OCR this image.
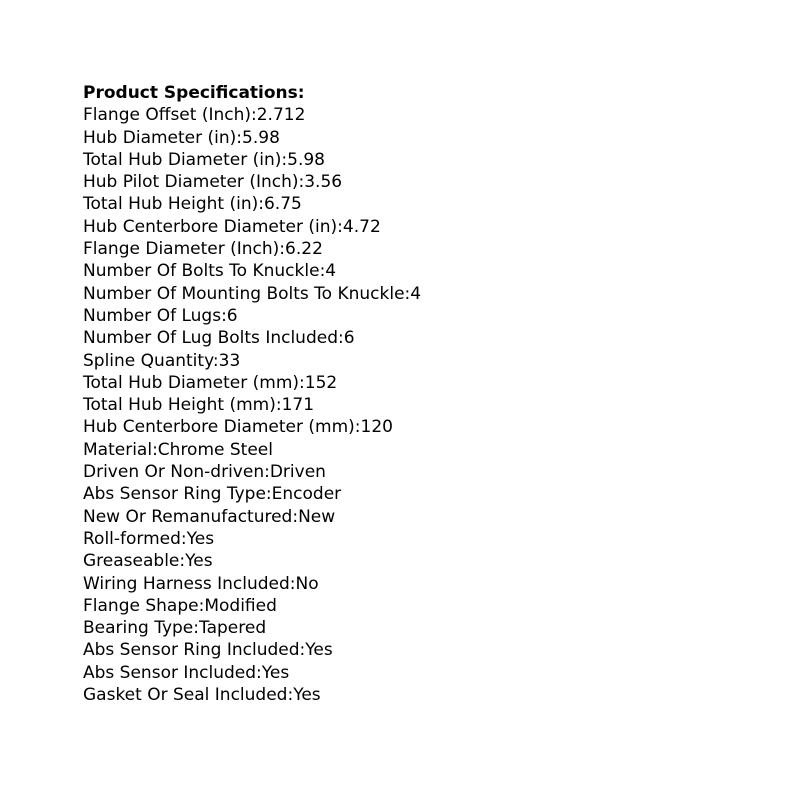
Product Specifications:
Flange Offset (Inch):2.712
Hub Diameter (in):5.98
Total Hub Diameter (in):5.98
Hub Pilot Diameter (Inch):3.56
Total Hub Height (in):6.75
Hub Centerbore Diameter (in):4.72
Flange Diameter (Inch):6.22
Number Of Bolts To Knuckle:4
Number Of Mounting Bolts To Knuckle:4
Number Of Lugs:6
Number Of Lug Bolts Included:6
Spline Quantity:33
Total Hub Diameter (mm):152
Total Hub Height (mm):171
Hub Centerbore Diameter (mm):120
Material:Chrome Steel
Driven Or Non-driven:Driven
Abs Sensor Ring Type:Encoder
New Or Remanufactured:New
Roll-formed:Yes
Greaseable:Yes
Wiring Harness Included:No
Flange Shape:Modified
Bearing Type:Tapered
Abs Sensor Ring Included:Yes
Abs Sensor Included:Yes
Gasket Or Seal Included:Yes
